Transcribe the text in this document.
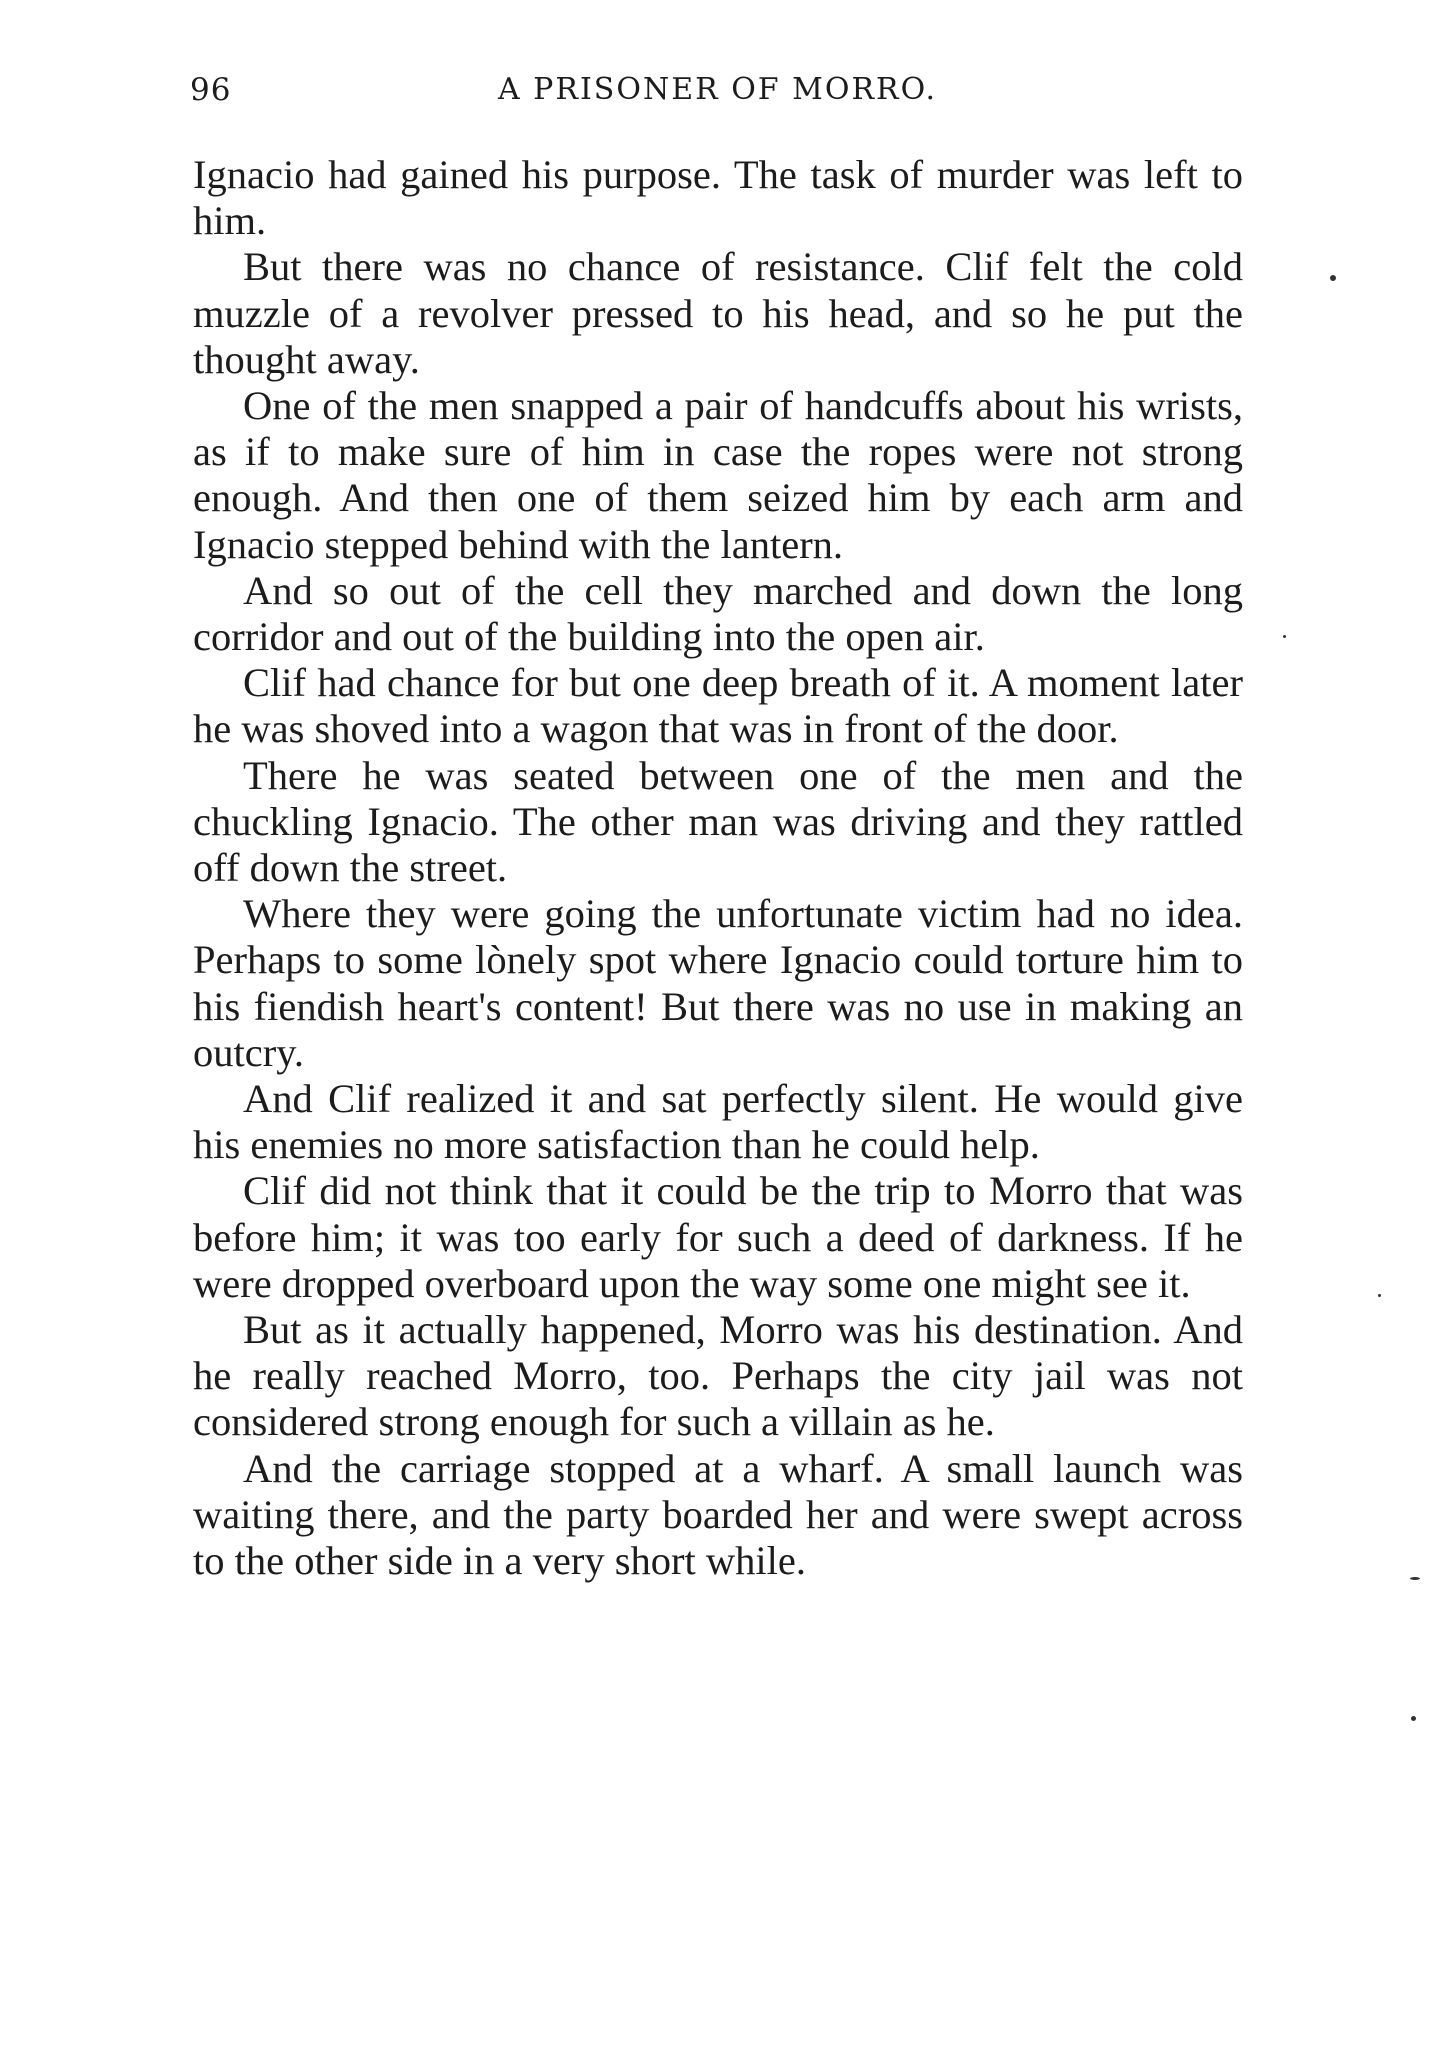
96	A PRISONER OF MORRO.

Ignacio had gained his purpose. The task of murder was left to him.

But there was no chance of resistance. Clif felt the cold muzzle of a revolver pressed to his head, and so he put the thought away.

One of the men snapped a pair of handcuffs about his wrists, as if to make sure of him in case the ropes were not strong enough. And then one of them seized him by each arm and Ignacio stepped behind with the lantern.

And so out of the cell they marched and down the long corridor and out of the building into the open air.

Clif had chance for but one deep breath of it. A moment later he was shoved into a wagon that was in front of the door.

There he was seated between one of the men and the chuckling Ignacio. The other man was driving and they rattled off down the street.

Where they were going the unfortunate victim had no idea. Perhaps to some lònely spot where Ignacio could torture him to his fiendish heart's content! But there was no use in making an outcry.

And Clif realized it and sat perfectly silent. He would give his enemies no more satisfaction than he could help.

Clif did not think that it could be the trip to Morro that was before him; it was too early for such a deed of darkness. If he were dropped overboard upon the way some one might see it.

But as it actually happened, Morro was his destination. And he really reached Morro, too. Perhaps the city jail was not considered strong enough for such a villain as he.

And the carriage stopped at a wharf. A small launch was waiting there, and the party boarded her and were swept across to the other side in a very short while.
